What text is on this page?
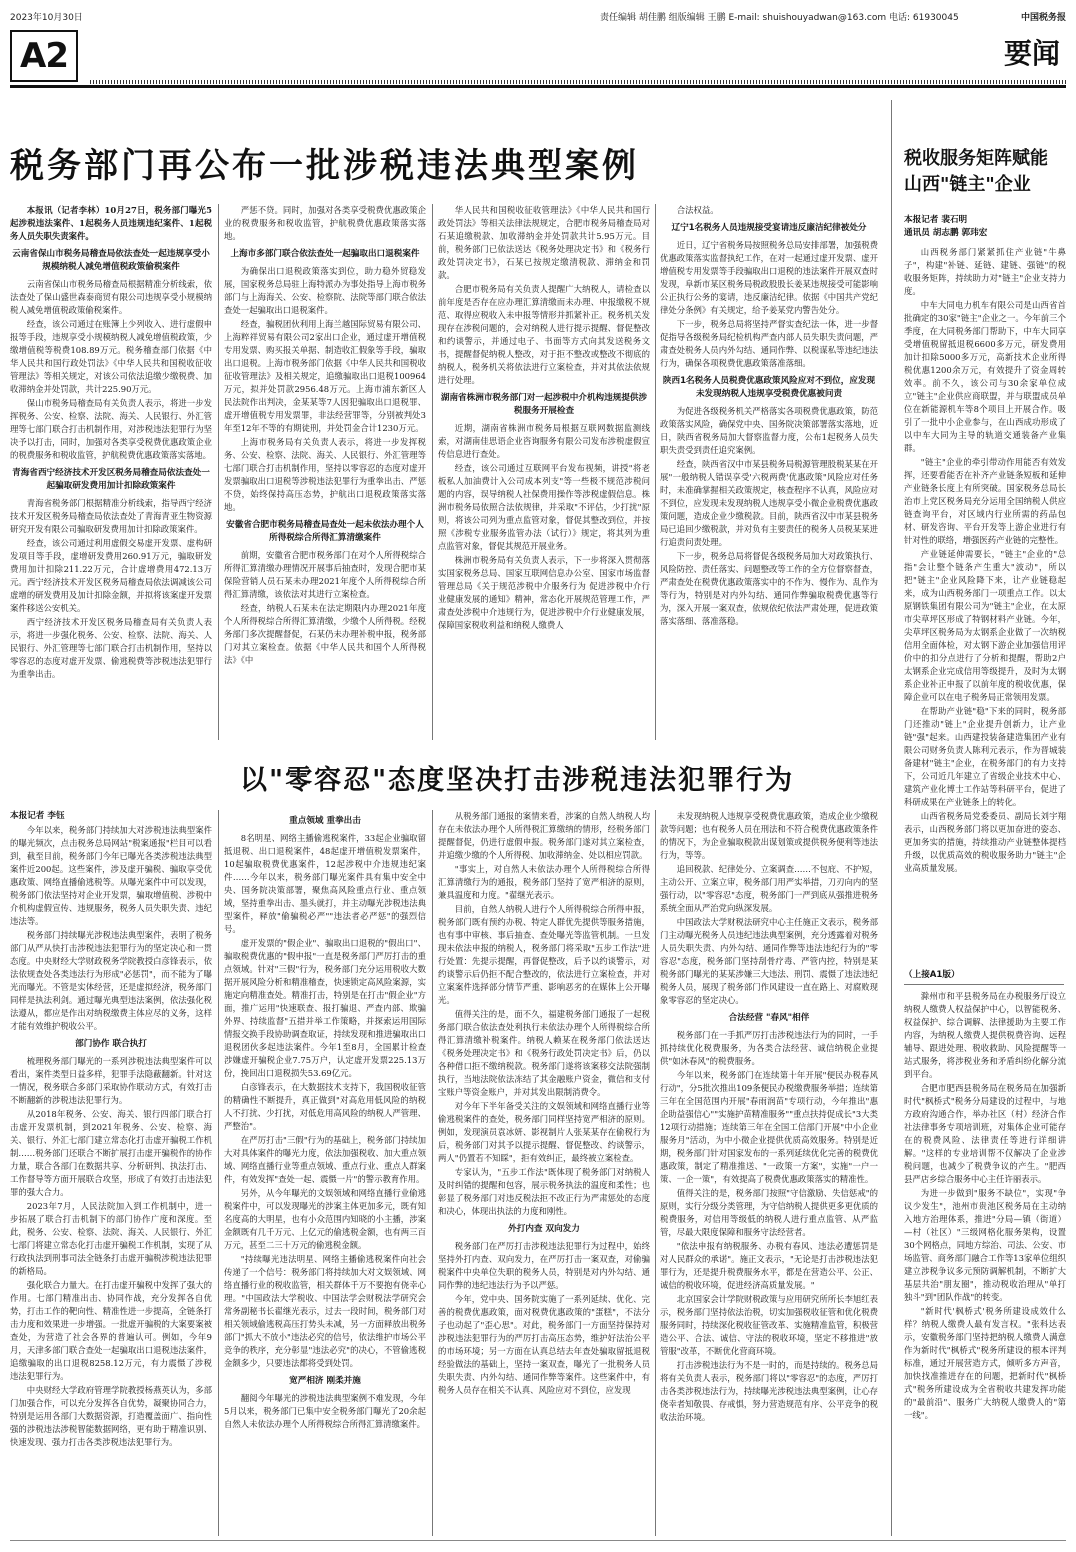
2023年10月30日	责任编辑 胡佳鹏 组版编辑 王鹏 E-mail: shuishouyadwan@163.com 电话: 61930045	中国税务报
A2	要闻
税务部门再公布一批涉税违法典型案例

本报讯（记者李林）10月27日，税务部门曝光5起涉税违法案件、1起税务人员违规违纪案件、1起税务人员失职失责案件。

云南省保山市税务局稽查局依法查处一起违规享受小规模纳税人减免增值税政策偷税案件

云南省保山市税务局稽查局根据精准分析线索，依法查处了保山盛世森泰商贸有限公司违规享受小规模纳税人减免增值税政策偷税案件。

经查，该公司通过在账簿上少列收入、进行虚假申报等手段，违规享受小规模纳税人减免增值税政策，少缴增值税等税费108.89万元。税务稽查部门依据《中华人民共和国行政处罚法》《中华人民共和国税收征收管理法》等相关规定，对该公司依法追缴少缴税费、加收滞纳金并处罚款，共计225.90万元。

保山市税务局稽查局有关负责人表示，将进一步发挥税务、公安、检察、法院、海关、人民银行、外汇管理等七部门联合打击机制作用，对涉税违法犯罪行为坚决予以打击，同时，加强对各类享受税费优惠政策企业的税费服务和税收监管，护航税费优惠政策落实落地。

青海省西宁经济技术开发区税务局稽查局依法查处一起骗取研发费用加计扣除政策案件

青海省税务部门根据精准分析线索，指导西宁经济技术开发区税务局稽查局依法查处了青海青亚生物资源研究开发有限公司骗取研发费用加计扣除政策案件。

经查，该公司通过利用虚假交易虚开发票、虚构研发项目等手段，虚增研发费用260.91万元，骗取研发费用加计扣除211.22万元，合计虚增费用472.13万元。西宁经济技术开发区税务局稽查局依法调减该公司虚增的研发费用及加计扣除金额，并拟将该案虚开发票案件移送公安机关。

西宁经济技术开发区税务局稽查局有关负责人表示，将进一步强化税务、公安、检察、法院、海关、人民银行、外汇管理等七部门联合打击机制作用，坚持以零容忍的态度对虚开发票、偷逃税费等涉税违法犯罪行为重拳出击。

严惩不贷。同时，加强对各类享受税费优惠政策企业的税费服务和税收监管，护航税费优惠政策落实落地。

上海市多部门联合依法查处一起骗取出口退税案件

为确保出口退税政策落实到位，助力稳外贸稳发展，国家税务总局驻上海特派办为事处指导上海市税务部门与上海海关、公安、检察院、法院等部门联合依法查处一起骗取出口退税案件。

经查，骗税团伙利用上海兰越国际贸易有限公司、上海粹祥贸易有限公司2家出口企业，通过虚开增值税专用发票、购买报关单据、制造收汇假象等手段，骗取出口退税。上海市税务部门依据《中华人民共和国税收征收管理法》及相关规定，追缴骗取出口退税100964万元，拟并处罚款2956.48万元。上海市浦东新区人民法院作出判决，金某某等7人因犯骗取出口退税罪、虚开增值税专用发票罪，非法经营罪等，分别被判处3年至12年不等的有期徒刑，并处罚金合计1230万元。

上海市税务局有关负责人表示，将进一步发挥税务、公安、检察、法院、海关、人民银行、外汇管理等七部门联合打击机制作用，坚持以零容忍的态度对虚开发票骗取出口退税等涉税违法犯罪行为重拳出击、严惩不贷，始终保持高压态势，护航出口退税政策落实落地。

安徽省合肥市税务局稽查局查处一起未依法办理个人所得税综合所得汇算清缴案件

前期，安徽省合肥市税务部门在对个人所得税综合所得汇算清缴办理情况开展事后抽查时，发现合肥市某保险营销人员石某未办理2021年度个人所得税综合所得汇算清缴，该依法对其进行立案检查。

经查，纳税人石某未在法定期限内办理2021年度个人所得税综合所得汇算清缴，少缴个人所得税。经税务部门多次提醒督促，石某仍未办理补税申报，税务部门对其立案检查。依据《中华人民共和国个人所得税法》《中

华人民共和国税收征收管理法》《中华人民共和国行政处罚法》等相关法律法规规定，合肥市税务局稽查局对石某追缴税款、加收滞纳金并处罚款共计5.95万元。目前，税务部门已依法送达《税务处理决定书》和《税务行政处罚决定书》，石某已按规定缴清税款、滞纳金和罚款。

合肥市税务局有关负责人提醒广大纳税人，请检查以前年度是否存在应办理汇算清缴而未办理、申报缴税不规范、取得应税收入未申报等情形并抓紧补正。税务机关发现存在涉税问题的，会对纳税人进行提示提醒、督促整改和约谈警示，并通过电子、书面等方式向其发送税务文书，提醒督促纳税人整改，对于拒不整改或整改不彻底的纳税人，税务机关将依法进行立案检查，并对其依法依规进行处理。

湖南省株洲市税务部门对一起涉税中介机构违规提供涉税服务开展检查

近期，湖南省株洲市税务局根据互联网数据监测线索，对湖南佳思语企业咨询服务有限公司发布涉税虚假宣传信息进行查处。

经查，该公司通过互联网平台发布视频，讲授"将老板私人加油费计入公司成本列支"等一些极不规范涉税问题的内容，误导纳税人社保费用操作等涉税虚假信息。株洲市税务局依照合法依规律，并采取"不评估，少打扰"原则，将该公司列为重点监管对象，督促其整改到位，并按照《涉税专业服务监管办法（试行）》规定，将其列为重点监管对象，督促其规范开展业务。

株洲市税务局有关负责人表示，下一步将深入贯彻落实国家税务总局、国家互联网信息办公室、国家市场监督管理总局《关于规范涉税中介服务行为 促进涉税中介行业健康发展的通知》精神，常态化开展规范管理工作，严肃查处涉税中介违规行为，促进涉税中介行业健康发展，保障国家税收利益和纳税人缴费人

合法权益。

辽宁1名税务人员违规接受宴请违反廉洁纪律被处分

近日，辽宁省税务局按照税务总局安排部署，加强税费优惠政策落实监督执纪工作，在对一起通过虚开发票、虚开增值税专用发票等手段骗取出口退税的违法案件开展双查时发现，阜新市某区税务局税政股股长姜某违规接受可能影响公正执行公务的宴请，违反廉洁纪律。依据《中国共产党纪律处分条例》有关规定，给予姜某党内警告处分。

下一步，税务总局将坚持严督实查纪法一体，进一步督促指导各级税务局纪检机构严查内部人员失职失责问题，严肃查处税务人员内外勾结、通同作弊、以税谋私等违纪违法行为，确保各项税费优惠政策落准落细。

陕西1名税务人员税费优惠政策风险应对不到位，应发现未发现纳税人违规享受税费优惠被问责

为促进各级税务机关严格落实各项税费优惠政策，防范政策落实风险，确保党中央、国务院决策部署落实落地，近日，陕西省税务局加大督察监督力度，公布1起税务人员失职失责受到责任追究案例。

经查，陕西省汉中市某县税务局税源管理股税某某在开展"一般纳税人错误享受'六税两费'优惠政策"风险应对任务时，未准确掌握相关政策规定，核查程序不认真，风险应对不到位，应发现未发现纳税人违规享受小微企业税费优惠政策问题，造成企业少缴税款。目前，陕西省汉中市某县税务局已追回少缴税款，并对负有主要责任的税务人员税某某进行追责问责处理。

下一步，税务总局将督促各级税务局加大对政策执行、风险防控、责任落实、问题整改等工作的全方位督察督查，严肃查处在税费优惠政策落实中的不作为、慢作为、乱作为等行为，特别是对内外勾结、通同作弊骗取税费优惠等行为，深入开展一案双查，依规依纪依法严肃处理，促进政策落实落细、落准落稳。

以"零容忍"态度坚决打击涉税违法犯罪行为

本报记者 李钰

今年以来，税务部门持续加大对涉税违法典型案件的曝光频次，点击税务总局网站"税案通报"栏目可以看到，截至目前，税务部门今年已曝光各类涉税违法典型案件近200起。这些案件，涉及虚开骗税、骗取享受优惠政策、网络直播偷逃税等。从曝光案件中可以发现，税务部门依法坚持对企业开发票，骗取增值税、涉税中介机构虚假宣传、违规服务，税务人员失职失责、违纪违法等。

税务部门持续曝光涉税违法典型案件，表明了税务部门从严从快打击涉税违法犯罪行为的坚定决心和一贯态度。中央财经大学财政税务学院教授白彦锋表示，依法依规查处各类违法行为形成"必惩罚"，而不能为了曝光而曝光。不管是实体经营，还是虚拟经济，税务部门同样是执法利剑。通过曝光典型违法案例，依法强化税法遵从，都应是作出对纳税缴费主体应尽的义务，这样才能有效维护税收公平。

部门协作 联合执打

梳理税务部门曝光的一系列涉税违法典型案件可以看出，案件类型日益多样，犯罪手法隐蔽翻新。针对这一情况，税务联合多部门采取协作联动方式，有效打击不断翻新的涉税违法犯罪行为。

从2018年税务、公安、海关、银行四部门联合打击虚开发票机制，到2021年税务、公安、检察、海关、银行、外汇七部门建立常态化打击虚开骗税工作机制……税务部门还联合不断扩展打击虚开骗税作的协作力量，联合各部门在数据共享、分析研判、执法打击、工作督导等方面开展联合攻坚，形成了有效打击违法犯罪的强大合力。

2023年7月，人民法院加入到工作机制中，进一步拓展了联合打击机制下的部门协作广度和深度。至此，税务、公安、检察、法院、海关、人民银行、外汇七部门将建立常态化打击虚开骗税工作机制，实现了从行政执法到刑事司法全链条打击虚开骗税涉税违法犯罪的新格局。

强化联合力量大。在打击虚开骗税中发挥了强大的作用。七部门精准出击、协同作战，充分发挥各自优势，打击工作的靶向性、精准性进一步提高，全链条打击力度和效果进一步增强。一批虚开骗税的大案要案被查处，为营造了社会各界的普遍认可。例如，今年9月，天津多部门联合查处一起骗取出口退税违法案件，追缴骗取的出口退税8258.12万元，有力震慑了涉税违法犯罪行为。

中央财经大学政府管理学院教授杨燕英认为，多部门加强合作，可以充分发挥各自优势，凝聚协同合力，特别是运用各部门大数据资源，打造覆盖面广、指向性强的涉税违法涉税智能数据网络，更有助于精准识别、快速发现、强力打击各类涉税违法犯罪行为。

重点领域 重拳出击

8名明星、网络主播偷逃税案件，33起企业骗取留抵退税、出口退税案件，48起虚开增值税发票案件，10起骗取税费优惠案件，12起涉税中介违规违纪案件……今年以来，税务部门曝光案件具有集中安全中央、国务院决策部署，聚焦高风险重点行业、重点领域，坚持重拳出击、墨头就打，并主动曝光涉税违法典型案件，释放"偷骗税必严""违法者必严惩"的强烈信号。

虚开发票的"假企业"、骗取出口退税的"假出口"、骗取税费优惠的"假申报"一直是税务部门严厉打击的重点领域。针对"三假"行为，税务部门充分运用税收大数据开展风险分析和精准稽查，快速锁定高风险案源，实施定向精准查处。精准打击，特别是在打击"假企业"方面，推广运用"快速联查、报打骗退、严查内部、欺骗外界、持续监督"五措并举工作策略，并探索运用国际情报交换手段协助调查取证，持续发现和推进骗取出口退税团伙多起违法案件。今年1至8月，全国累计检查涉嫌虚开骗税企业7.75万户，认定虚开发票225.13万份，挽回出口退税损失53.69亿元。

白彦锋表示，在大数据技术支持下，我国税收征管的精确性不断提升，真正做到"对高危用低风险的纳税人不打扰、少打扰，对低危用高风险的纳税人严管理、严整治"。

在严厉打击"三假"行为的基础上，税务部门持续加大对具体案件的曝光力度，依法加强税收、加大重点领域、网络直播行业等重点领域、重点行业、重点人群案件，有效发挥"查处一起、震慑一片"的警示教育作用。

另外，从今年曝光的文娱领域和网络直播行业偷逃税案件中，可以发现曝光的涉案主体更加多元，既有知名度高的大明星，也有小众范围内知晓的小主播，涉案金额既有几千万元、上亿元的偷逃税金额，也有两三百万元，甚至二三十万元的偷逃税金额。

"持续曝光违法明星、网络主播偷逃税案件向社会传递了一个信号：税务部门将持续加大对文娱领域、网络直播行业的税收监管，相关群体千万不要抱有侥幸心理。"中国政法大学税收、中国法学会财税法学研究会常务副秘书长翟继光表示，过去一段时间，税务部门对相关领域偷逃税高压打势头未减，另一方面释放出税务部门"抓大不放小"违法必究的信号，依法维护市场公平竞争的秩序，充分彰显"违法必究"的决心，不管偷逃税金额多少，只要违法都将受到处罚。

宽严相济 刚柔并施

翻阅今年曝光的涉税违法典型案例不难发现，今年5月以来，税务部门已集中安全税务部门曝光了20余起自然人未依法办理个人所得税综合所得汇算清缴案件。

从税务部门通报的案情来看，涉案的自然人纳税人均存在未依法办理个人所得税汇算缴纳的情形，经税务部门提醒督促，仍进行虚假申报。税务部门遂对其立案检查，并追缴少缴的个人所得税、加收滞纳金、处以相应罚款。

"事实上，对自然人未依法办理个人所得税综合所得汇算清缴行为的通报，税务部门坚持了宽严相济的原则，兼具温度和力度。"翟继光表示。

目前，自然人纳税人进行个人所得税综合所得申报，税务部门既有预约办税、特定人群优先提供等服务措施，也有事中审核、事后抽查、查处曝光等监管机制。一旦发现未依法申报的纳税人，税务部门将采取"五步工作法"进行处置：先提示提醒，再督促整改，后予以约谈警示，对约谈警示后仍拒不配合整改的，依法进行立案检查，并对立案案件选择部分情节严重、影响恶劣的在媒体上公开曝光。

值得关注的是，面不久，福建税务部门通报了一起税务部门联合依法查处利执行未依法办理个人所得税综合所得汇算清缴补税案件。纳税人赖某在税务部门依法送达《税务处理决定书》和《税务行政处罚决定书》后，仍以各种借口拒不缴纳税款。税务部门遂将该案移交法院强制执行，当地法院依法冻结了其金融账户资金，微信和支付宝账户等资金账户，并对其发出限制消费令。

对今年下半年备受关注的文娱领域和网络直播行业等偷逃税案件的查处，税务部门同样坚持宽严相济的原则。例如，发现演员袁冰妍、影视制片人张某某存在偷税行为后，税务部门对其予以提示提醒、督促整改、约谈警示，两人"仍置若不知睬"，拒有效纠正，最终被立案检查。

专家认为，"五步工作法"既体现了税务部门对纳税人及时纠错的提醒和包容，展示税务执法的温度和柔性；也彰显了税务部门对违反税法拒不改正行为严肃惩处的态度和决心，体现出执法的力度和刚性。

外打内查 双向发力

税务部门在严厉打击涉税违法犯罪行为过程中，始终坚持外打内查、双向发力，在严厉打击一案双查，对偷骗税案件中央单位失职的税务人员，特别是对内外勾结、通同作弊的违纪违法行为予以严惩。

今年，党中央、国务院实施了一系列延续、优化、完善的税费优惠政策，面对税费优惠政策的"蛋糕"，不法分子也动起了"歪心思"。对此，税务部门一方面坚持保持对涉税违法犯罪行为的严厉打击高压态势，维护好法治公平的市场环境；另一方面在认真总结去年查处骗取留抵退税经验做法的基础上，坚持一案双查，曝光了一批税务人员失职失责、内外勾结、通同作弊等案件。这些案件中，有税务人员存在相关不认真、风险应对不到位，应发现

未发现纳税人违规享受税费优惠政策，造成企业少缴税款等问题；也有税务人员在刑法和不符合税费优惠政策条件的情况下，为企业骗取税款出谋划策或提供税务便利等违法行为，等等。

追回税款、纪律处分、立案调查……不包庇、不护短，主动公开、立案立审，税务部门用严实举措，刀刃向内的坚强行动，以"零容忍"态度，税务部门一严到底从强推进税务系统全面从严治党向纵深发展。

中国政法大学财税法研究中心主任施正文表示，税务部门主动曝光税务人员违纪违法典型案例，充分透露着对税务人员失职失责、内外勾结、通同作弊等违法违纪行为的"零容忍"态度，税务部门坚持刮骨疗毒、严管内控，特别是某税务部门曝光的某某涉嫌三大违法、刑罚、震慑了违法违纪税务人员，展现了税务部门作风建设一直在路上、对腐败现象零容忍的坚定决心。

合法经营 "春风"相伴

税务部门在一手抓严厉打击涉税违法行为的同时，一手抓持续优化税费服务，为各类合法经营、诚信纳税企业提供"如沐春风"的税费服务。

今年以来，税务部门在连续第十年开展"便民办税春风行动"，分5批次推出109条便民办税缴费服务举措；连续第三年在全国范围内开展"春雨润苗"专项行动，今年推出"惠企助益强信心""实施护苗精准服务""重点扶持促成长"3大类12项行动措施；连续第三年在全国工信部门开展"中小企业服务月"活动，为中小微企业提供优质高效服务。特别是近期，税务部门针对国家发布的一系列延续优化完善的税费优惠政策，制定了精准推送、"一政策一方案"，实施"一户一策、一企一策"，有效提高了税费优惠政策落实的精准性。

值得关注的是，税务部门按照"守信激励、失信惩戒"的原则，实行分级分类管理，为守信纳税人提供更多更优质的税费服务，对信用等级低的纳税人进行重点监管、从严监管，尽最大限度保障和服务守法经营者。

"依法申报有纳税服务、办税有春风、违法必遭惩罚是对人民群众的承诺"。施正文表示，"无论是打击涉税违法犯罪行为，还是提升税费服务水平，都是在营造公平、公正、诚信的税收环境，促进经济高质量发展。"

北京国家会计学院财税政策与应用研究所所长李旭红表示，税务部门坚持依法治税，切实加强税收征管和优化税费服务同时，持续深化税收征管改革、实施精准监管，积极营造公平、合法、诚信、守法的税收环境，坚定不移推进"放管服"改革，不断优化营商环境。

打击涉税违法行为不是一时的，而是持续的。税务总局将有关负责人表示，税务部门将以"零容忍"的态度，严厉打击各类涉税违法行为，持续曝光涉税违法典型案例，让心存侥幸者知敬畏、存戒惧，努力营造规范有序、公平竞争的税收法治环境。

税收服务矩阵赋能
山西"链主"企业
本报记者 裴石明
通讯员 胡志鹏 郭玮宏

山西税务部门紧紧抓住产业链"牛鼻子"，构建"补链、延链、建链、强链"的税收服务矩阵，持续助力对"链主"企业支持力度。

中车大同电力机车有限公司是山西省首批确定的30家"链主"企业之一。今年前三个季度，在大同税务部门帮助下，中车大同享受增值税留抵退税6600多万元，研发费用加计扣除5000多万元，高新技术企业所得税优惠1200余万元，有效提升了资金周转效率。前不久，该公司与30余家单位成立"链主"企业供应商联盟，并与联盟成员单位在新能源机车等8个项目上开展合作。吸引了一批中小企业参与，在山西成功形成了以中车大同为主导的轨道交通装备产业集群。

"链主"企业的牵引带动作用能否有效发挥，还要看能否在补齐产业链条短板和延伸产业链条长度上有所突破。国家税务总局长治市上党区税务局充分运用全国纳税人供应链查询平台，对区域内行业所需的药品包材、研发咨询、平台开发等上游企业进行有针对性的联络，增强医药产业链的完整性。

产业链延伸需要长，"链主"企业的"总指"会让整个链条产生重大"波动"，所以把"链主"企业风险降下来，让产业链稳起来，成为山西税务部门一项重点工作。以太原钢铁集团有限公司为"链主"企业，在太原市尖草坪区形成了特钢材料产业链。今年，尖草坪区税务局为太钢系企业做了一次纳税信用全面体检，对太钢下游企业加强信用评价中的扣分点进行了分析和提醒，帮助2户太钢系企业完成信用等级提升，及时为太钢系企业补正申报了以前年度的税收优惠，保障企业可以在电子税务局正常领用发票。

在帮助产业链"稳"下来的同时，税务部门还推动"链上"企业提升创新力，让产业链"强"起来。山西建投装备建造集团产业有限公司财务负责人陈利元表示，作为晋城装备建材"链主"企业，在税务部门的有力支持下，公司近几年建立了省级企业技术中心、建筑产业化博士工作站等科研平台，促进了科研成果在产业链条上的转化。

山西省税务局党委委员、副局长刘宇翔表示，山西税务部门将以更加奋进的姿态、更加务实的措施，持续推动产业链整体提档升级，以优质高效的税收服务助力"链主"企业高质量发展。

（上接A1版）

滁州市和平县税务局在办税服务厅设立纳税人缴费人权益保护中心，以智能税务、权益保护、综合调解、法律援助为主要工作内容，为纳税人缴费人提供税费咨询、远程辅导、跟进处理、税收救助、风险提醒等一站式服务，将涉税业务和矛盾纠纷化解分流到平台。

合肥市肥西县税务局在税务局在加强新时代"枫桥式"税务分局建设的过程中，与地方政府沟通合作，举办社区（村）经济合作社法律事务专项培训班，对集体企业可能存在的税费风险、法律责任等进行详细讲解。"这样的专业培训帮不仅解决了企业涉税问题，也减少了税费争议的产生。"肥西县严店乡综合服务中心主任许丽表示。

为进一步做到"服务不缺位"，实现"争议少发生"，池州市贵池区税务局在主动纳入地方治理体系，推进"分局—镇（街道）—村（社区）"三级网格化服务架构，设置30个网格点，同地方综治、司法、公安、市场监管、商务部门融合工作等13家单位组织建立涉税争议多元预防调解机制，不断扩大基层共治"朋友圈"，推动税收治理从"单打独斗"到"团队作战"的转变。

"新时代'枫桥式'税务所建设成效什么样？纳税人缴费人最有发言权。"张科达表示，安徽税务部门坚持把纳税人缴费人满意作为新时代"枫桥式"税务所建设的根本评判标准，通过开展营造方式，倾听多方声音，加快找准推进存在的问题，把新时代"枫桥式"税务所建设成为全省税收共建发挥功能的"最前沿"、服务广大纳税人缴费人的"第一线"。
